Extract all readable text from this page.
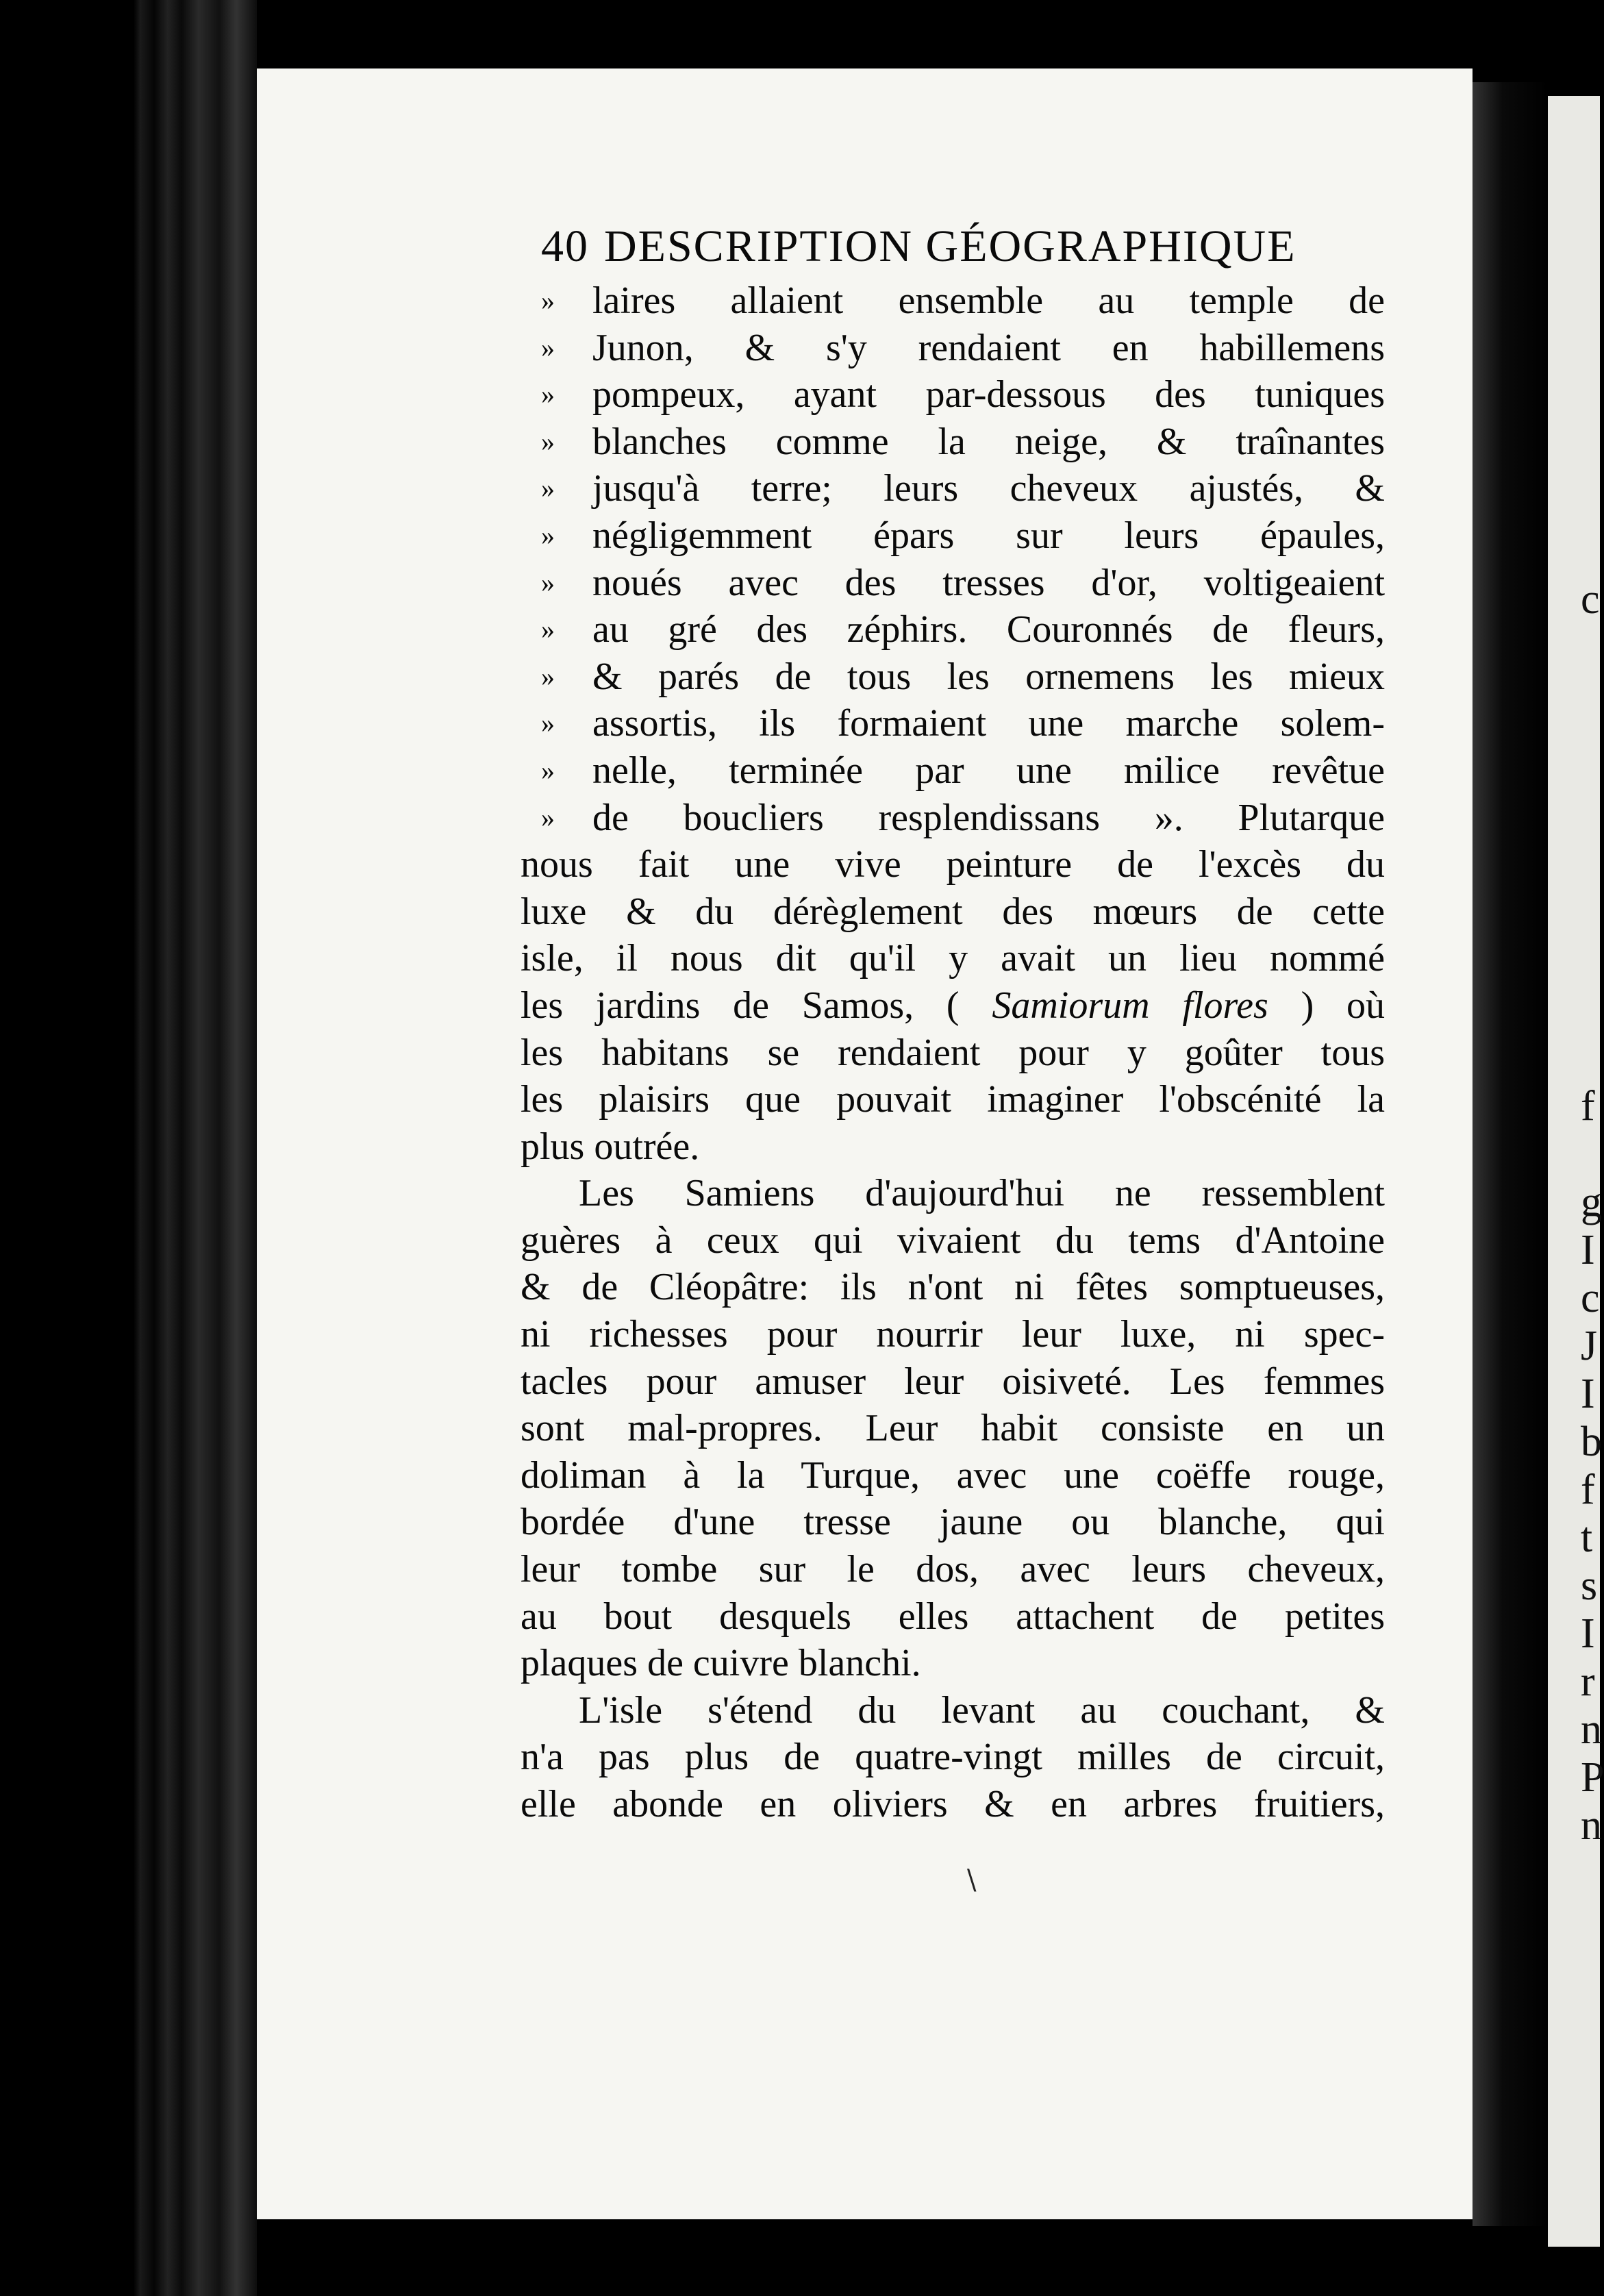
c
f
g
I
c
J
I
b
f
t
s
I
r
n
P
n
40 DESCRIPTION GÉOGRAPHIQUE
» laires allaient ensemble au temple de
» Junon, & s'y rendaient en habillemens
» pompeux, ayant par-dessous des tuniques
» blanches comme la neige, & traînantes
» jusqu'à terre; leurs cheveux ajustés, &
» négligemment épars sur leurs épaules,
» noués avec des tresses d'or, voltigeaient
» au gré des zéphirs. Couronnés de fleurs,
» & parés de tous les ornemens les mieux
» assortis, ils formaient une marche solem-
» nelle, terminée par une milice revêtue
» de boucliers resplendissans ». Plutarque
nous fait une vive peinture de l'excès du
luxe & du dérèglement des mœurs de cette
isle, il nous dit qu'il y avait un lieu nommé
les jardins de Samos, ( Samiorum flores ) où
les habitans se rendaient pour y goûter tous
les plaisirs que pouvait imaginer l'obscénité la
plus outrée.
Les Samiens d'aujourd'hui ne ressemblent
guères à ceux qui vivaient du tems d'Antoine
& de Cléopâtre: ils n'ont ni fêtes somptueuses,
ni richesses pour nourrir leur luxe, ni spec-
tacles pour amuser leur oisiveté. Les femmes
sont mal-propres. Leur habit consiste en un
doliman à la Turque, avec une coëffe rouge,
bordée d'une tresse jaune ou blanche, qui
leur tombe sur le dos, avec leurs cheveux,
au bout desquels elles attachent de petites
plaques de cuivre blanchi.
L'isle s'étend du levant au couchant, &
n'a pas plus de quatre-vingt milles de circuit,
elle abonde en oliviers & en arbres fruitiers,
\
